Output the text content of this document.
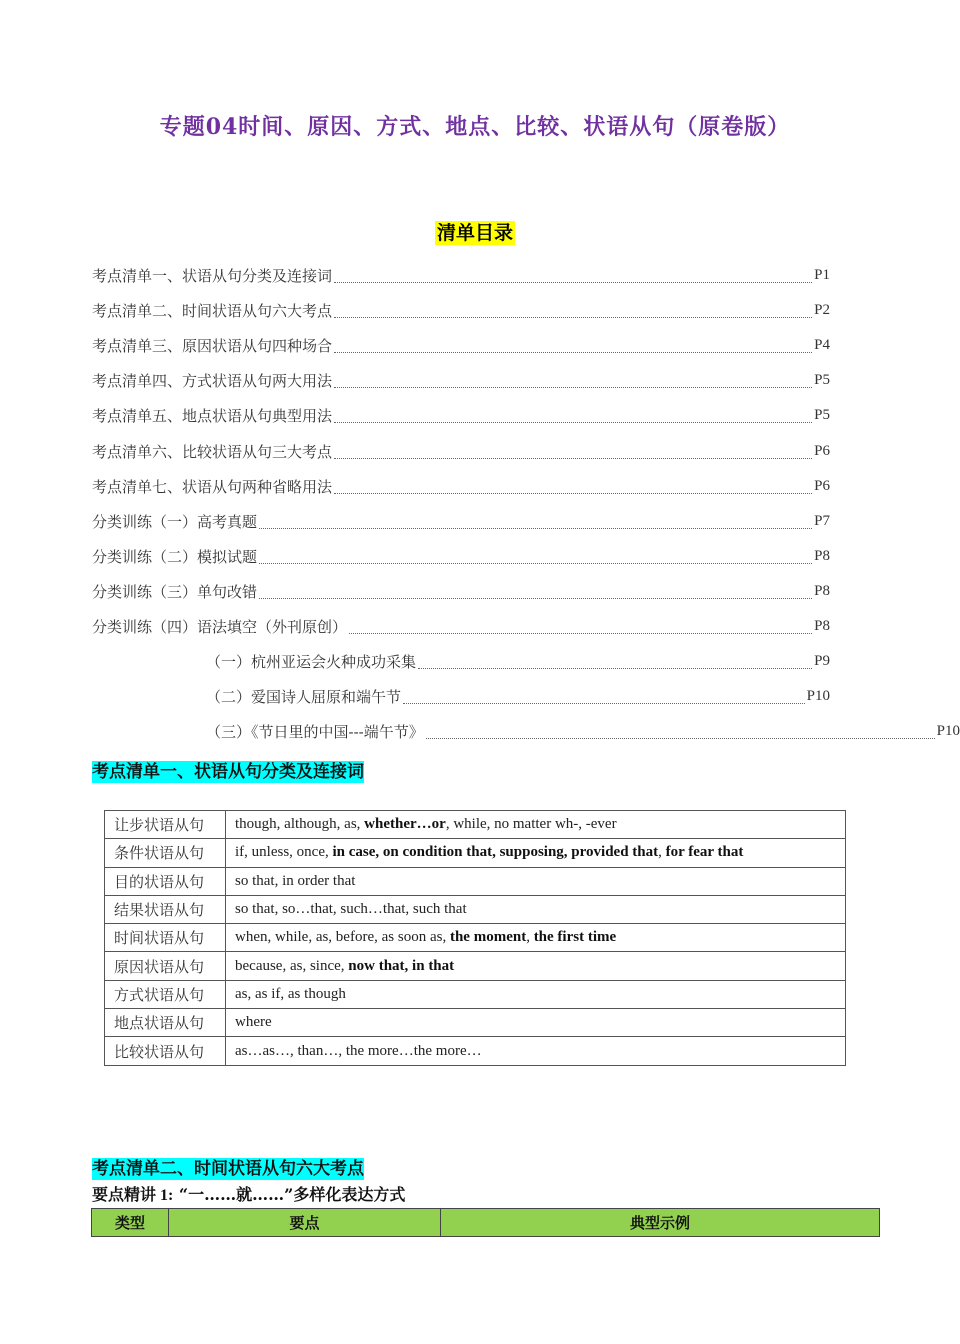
专题04时间、原因、方式、地点、比较、状语从句（原卷版）
清单目录
考点清单一、状语从句分类及连接词	P1
考点清单二、时间状语从句六大考点	P2
考点清单三、原因状语从句四种场合	P4
考点清单四、方式状语从句两大用法	P5
考点清单五、地点状语从句典型用法	P5
考点清单六、比较状语从句三大考点	P6
考点清单七、状语从句两种省略用法	P6
分类训练（一）高考真题	P7
分类训练（二）模拟试题	P8
分类训练（三）单句改错	P8
分类训练（四）语法填空（外刊原创）	P8
（一）杭州亚运会火种成功采集	P9
（二）爱国诗人屈原和端午节	P10
（三）《节日里的中国---端午节》	P10
考点清单一、状语从句分类及连接词
让步状语从句	though, although, as, whether…or, while, no matter wh-, -ever
条件状语从句	if, unless, once, in case, on condition that, supposing, provided that, for fear that
目的状语从句	so that, in order that
结果状语从句	so that, so…that, such…that, such that
时间状语从句	when, while, as, before, as soon as, the moment, the first time
原因状语从句	because, as, since, now that, in that
方式状语从句	as, as if, as though
地点状语从句	where
比较状语从句	as…as…, than…, the more…the more…
考点清单二、时间状语从句六大考点
要点精讲 1: “一……就……”多样化表达方式
类型	要点	典型示例
